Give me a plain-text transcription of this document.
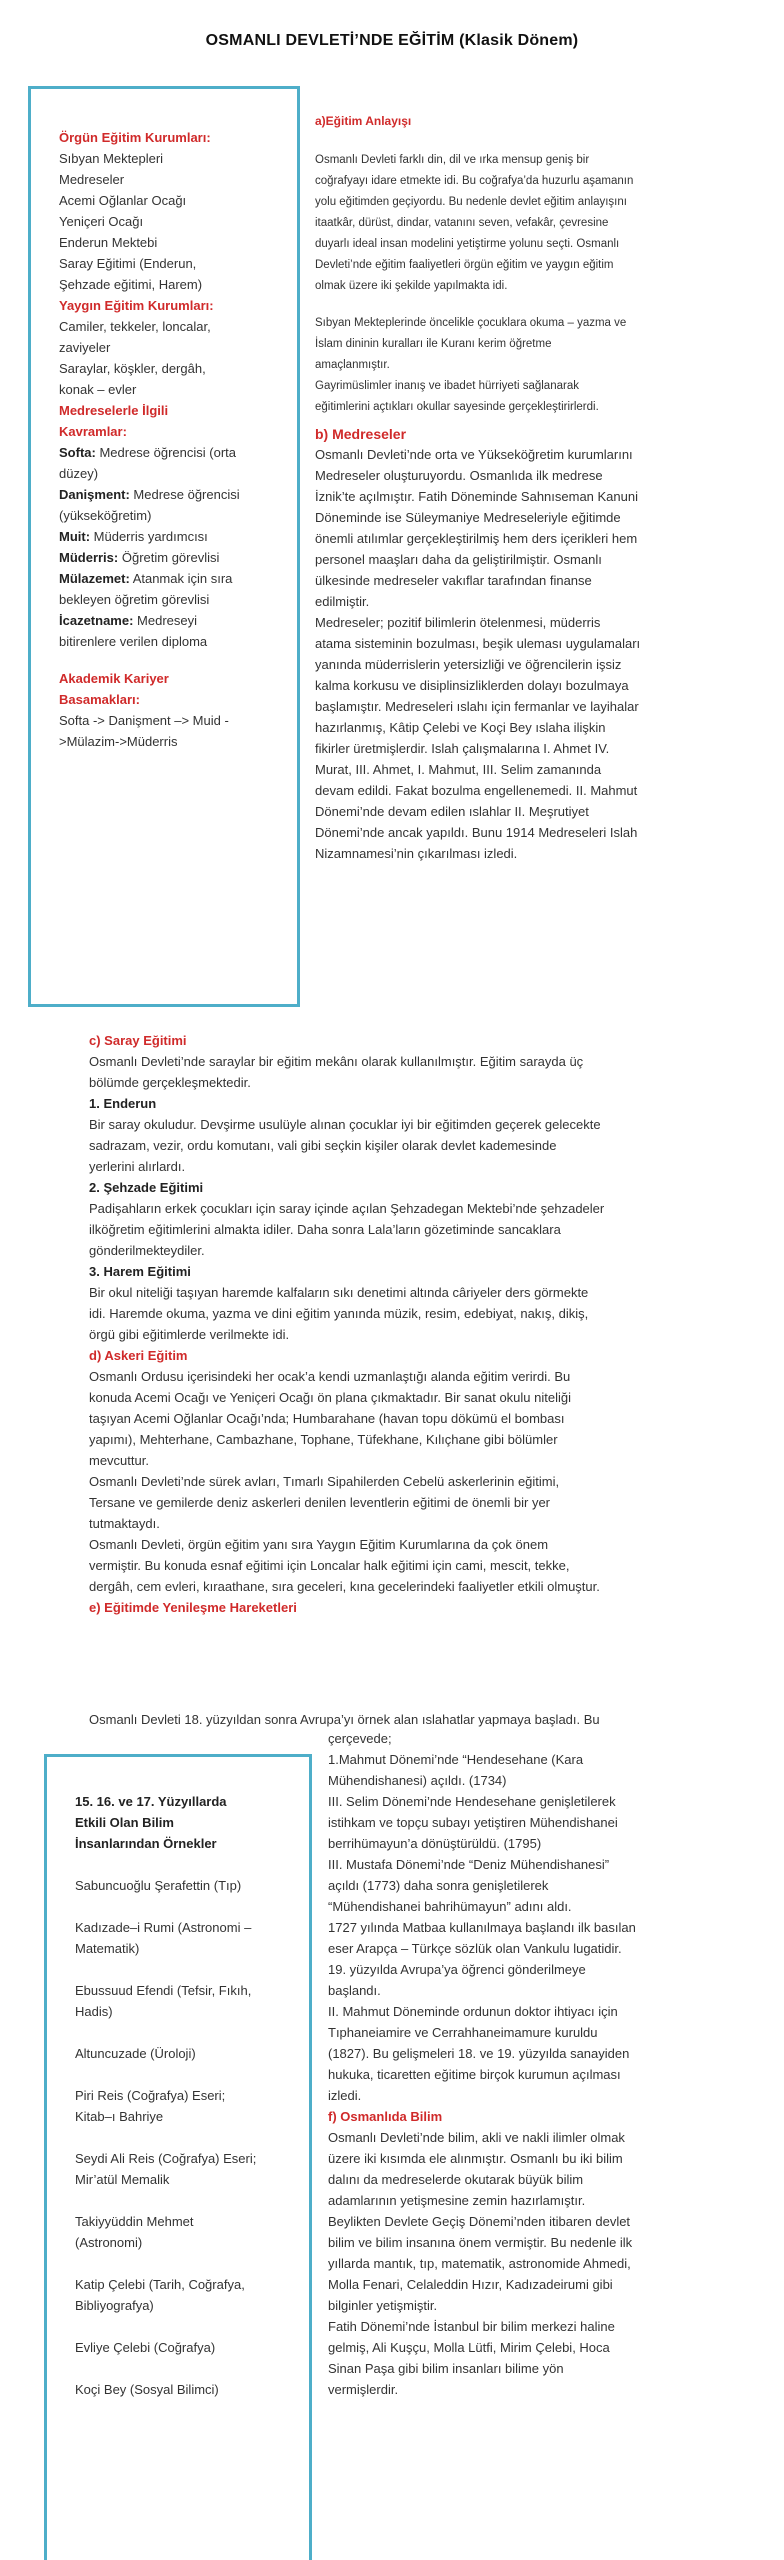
OSMANLI DEVLETİ’NDE EĞİTİM (Klasik Dönem)

Örgün Eğitim Kurumları:

Sıbyan Mektepleri

Medreseler

Acemi Oğlanlar Ocağı

Yeniçeri Ocağı

Enderun Mektebi

Saray Eğitimi (Enderun,

Şehzade eğitimi, Harem)

Yaygın Eğitim Kurumları:

Camiler, tekkeler, loncalar,

zaviyeler

Saraylar, köşkler, dergâh,

konak – evler

Medreselerle İlgili

Kavramlar:

Softa: Medrese öğrencisi (orta

düzey)

Danişment: Medrese öğrencisi

(yükseköğretim)

Muit: Müderris yardımcısı

Müderris: Öğretim görevlisi

Mülazemet: Atanmak için sıra

bekleyen öğretim görevlisi

İcazetname: Medreseyi

bitirenlere verilen diploma

Akademik Kariyer

Basamakları:

Softa -> Danişment –> Muid -

>Mülazim->Müderris

a)Eğitim Anlayışı

Osmanlı Devleti farklı din, dil ve ırka mensup geniş bir

coğrafyayı idare etmekte idi. Bu coğrafya’da huzurlu aşamanın

yolu eğitimden geçiyordu. Bu nedenle devlet eğitim anlayışını

itaatkâr, dürüst, dindar, vatanını seven, vefakâr, çevresine

duyarlı ideal insan modelini yetiştirme yolunu seçti. Osmanlı

Devleti’nde eğitim faaliyetleri örgün eğitim ve yaygın eğitim

olmak üzere iki şekilde yapılmakta idi.

Sıbyan Mekteplerinde öncelikle çocuklara okuma – yazma ve

İslam dininin kuralları ile Kuranı kerim öğretme

amaçlanmıştır.

Gayrimüslimler inanış ve ibadet hürriyeti sağlanarak

eğitimlerini açtıkları okullar sayesinde gerçekleştirirlerdi.

b) Medreseler

Osmanlı Devleti’nde orta ve Yükseköğretim kurumlarını

Medreseler oluşturuyordu. Osmanlıda ilk medrese

İznik’te açılmıştır. Fatih Döneminde Sahnıseman Kanuni

Döneminde ise Süleymaniye Medreseleriyle eğitimde

önemli atılımlar gerçekleştirilmiş hem ders içerikleri hem

personel maaşları daha da geliştirilmiştir. Osmanlı

ülkesinde medreseler vakıflar tarafından finanse

edilmiştir.

Medreseler; pozitif bilimlerin ötelenmesi, müderris

atama sisteminin bozulması, beşik uleması uygulamaları

yanında müderrislerin yetersizliği ve öğrencilerin işsiz

kalma korkusu ve disiplinsizliklerden dolayı bozulmaya

başlamıştır. Medreseleri ıslahı için fermanlar ve layihalar

hazırlanmış, Kâtip Çelebi ve Koçi Bey ıslaha ilişkin

fikirler üretmişlerdir. Islah çalışmalarına I. Ahmet IV.

Murat, III. Ahmet, I. Mahmut, III. Selim zamanında

devam edildi. Fakat bozulma engellenemedi. II. Mahmut

Dönemi’nde devam edilen ıslahlar II. Meşrutiyet

Dönemi’nde ancak yapıldı. Bunu 1914 Medreseleri Islah

Nizamnamesi’nin çıkarılması izledi.

c) Saray Eğitimi

Osmanlı Devleti’nde saraylar bir eğitim mekânı olarak kullanılmıştır. Eğitim sarayda üç

bölümde gerçekleşmektedir.

1. Enderun

Bir saray okuludur. Devşirme usulüyle alınan çocuklar iyi bir eğitimden geçerek gelecekte

sadrazam, vezir, ordu komutanı, vali gibi seçkin kişiler olarak devlet kademesinde

yerlerini alırlardı.

2. Şehzade Eğitimi

Padişahların erkek çocukları için saray içinde açılan Şehzadegan Mektebi’nde şehzadeler

ilköğretim eğitimlerini almakta idiler. Daha sonra Lala’ların gözetiminde sancaklara

gönderilmekteydiler.

3. Harem Eğitimi

Bir okul niteliği taşıyan haremde kalfaların sıkı denetimi altında câriyeler ders görmekte

idi. Haremde okuma, yazma ve dini eğitim yanında müzik, resim, edebiyat, nakış, dikiş,

örgü gibi eğitimlerde verilmekte idi.

d) Askeri Eğitim

Osmanlı Ordusu içerisindeki her ocak’a kendi uzmanlaştığı alanda eğitim verirdi. Bu

konuda Acemi Ocağı ve Yeniçeri Ocağı ön plana çıkmaktadır. Bir sanat okulu niteliği

taşıyan Acemi Oğlanlar Ocağı’nda; Humbarahane (havan topu dökümü el bombası

yapımı), Mehterhane, Cambazhane, Tophane, Tüfekhane, Kılıçhane gibi bölümler

mevcuttur.

Osmanlı Devleti’nde sürek avları, Tımarlı Sipahilerden Cebelü askerlerinin eğitimi,

Tersane ve gemilerde deniz askerleri denilen leventlerin eğitimi de önemli bir yer

tutmaktaydı.

Osmanlı Devleti, örgün eğitim yanı sıra Yaygın Eğitim Kurumlarına da çok önem

vermiştir. Bu konuda esnaf eğitimi için Loncalar halk eğitimi için cami, mescit, tekke,

dergâh, cem evleri, kıraathane, sıra geceleri, kına gecelerindeki faaliyetler etkili olmuştur.

e) Eğitimde Yenileşme Hareketleri

Osmanlı Devleti 18. yüzyıldan sonra Avrupa’yı örnek alan ıslahatlar yapmaya başladı. Bu
15. 16. ve 17. Yüzyıllarda
Etkili Olan Bilim
İnsanlarından Örnekler
Sabuncuoğlu Şerafettin (Tıp)
Kadızade–i Rumi (Astronomi –
Matematik)
Ebussuud Efendi (Tefsir, Fıkıh,
Hadis)
Altuncuzade (Üroloji)
Piri Reis (Coğrafya) Eseri;
Kitab–ı Bahriye
Seydi Ali Reis (Coğrafya) Eseri;
Mir’atül Memalik
Takiyyüddin Mehmet
(Astronomi)
Katip Çelebi (Tarih, Coğrafya,
Bibliyografya)
Evliye Çelebi (Coğrafya)
Koçi Bey (Sosyal Bilimci)

çerçevede;

1.Mahmut Dönemi’nde “Hendesehane (Kara

Mühendishanesi) açıldı. (1734)

III. Selim Dönemi’nde Hendesehane genişletilerek

istihkam ve topçu subayı yetiştiren Mühendishanei

berrihümayun’a dönüştürüldü. (1795)

III. Mustafa Dönemi’nde “Deniz Mühendishanesi”

açıldı (1773) daha sonra genişletilerek

“Mühendishanei bahrihümayun” adını aldı.

1727 yılında Matbaa kullanılmaya başlandı ilk basılan

eser Arapça – Türkçe sözlük olan Vankulu lugatidir.

19. yüzyılda Avrupa’ya öğrenci gönderilmeye

başlandı.

II. Mahmut Döneminde ordunun doktor ihtiyacı için

Tıphaneiamire ve Cerrahhaneimamure kuruldu

(1827). Bu gelişmeleri 18. ve 19. yüzyılda sanayiden

hukuka, ticaretten eğitime birçok kurumun açılması

izledi.

f) Osmanlıda Bilim

Osmanlı Devleti’nde bilim, akli ve nakli ilimler olmak

üzere iki kısımda ele alınmıştır. Osmanlı bu iki bilim

dalını da medreselerde okutarak büyük bilim

adamlarının yetişmesine zemin hazırlamıştır.

Beylikten Devlete Geçiş Dönemi’nden itibaren devlet

bilim ve bilim insanına önem vermiştir. Bu nedenle ilk

yıllarda mantık, tıp, matematik, astronomide Ahmedi,

Molla Fenari, Celaleddin Hızır, Kadızadeirumi gibi

bilginler yetişmiştir.

Fatih Dönemi’nde İstanbul bir bilim merkezi haline

gelmiş, Ali Kuşçu, Molla Lütfi, Mirim Çelebi, Hoca

Sinan Paşa gibi bilim insanları bilime yön

vermişlerdir.
